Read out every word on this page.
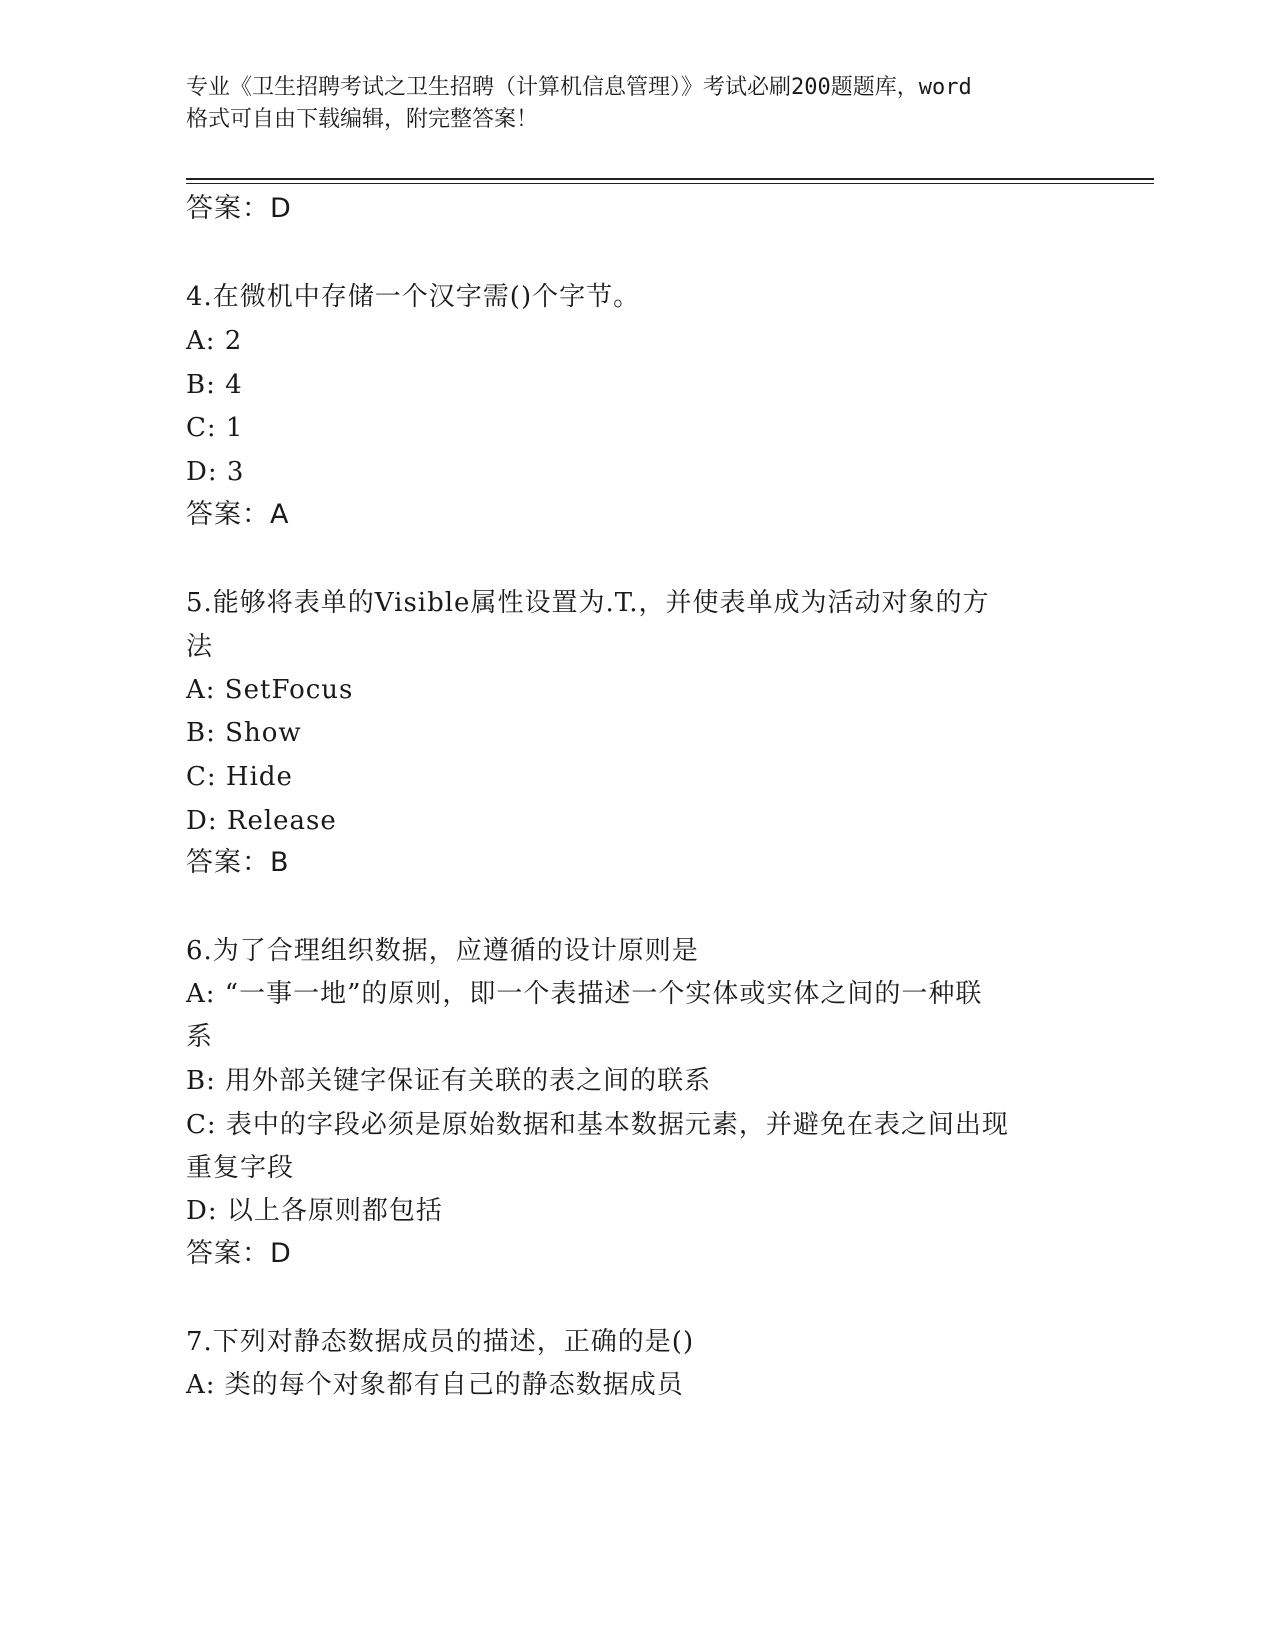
专业《卫生招聘考试之卫生招聘（计算机信息管理）》考试必刷200题题库，word
格式可自由下载编辑，附完整答案！
答案：D
4.在微机中存储一个汉字需()个字节。
A: 2
B: 4
C: 1
D: 3
答案：A
5.能够将表单的Visible属性设置为.T.，并使表单成为活动对象的方
法
A: SetFocus
B: Show
C: Hide
D: Release
答案：B
6.为了合理组织数据，应遵循的设计原则是
A: “一事一地”的原则，即一个表描述一个实体或实体之间的一种联
系
B: 用外部关键字保证有关联的表之间的联系
C: 表中的字段必须是原始数据和基本数据元素，并避免在表之间出现
重复字段
D: 以上各原则都包括
答案：D
7.下列对静态数据成员的描述，正确的是()
A: 类的每个对象都有自己的静态数据成员
